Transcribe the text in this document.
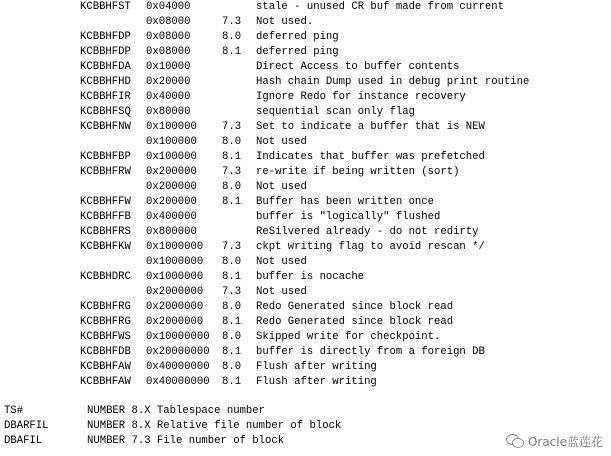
KCBBHFST 0x04000	stale - unused CR buf made from current
0x08000	7.3 Not used.
KCBBHFDP 0x08000	8.0 deferred ping
KCBBHFDP 0x08000	8.1 deferred ping
KCBBHFDA 0x10000	Direct Access to buffer contents
KCBBHFHD 0x20000	Hash chain Dump used in debug print routine
KCBBHFIR 0x40000	Ignore Redo for instance recovery
KCBBHFSQ 0x80000	sequential scan only flag
KCBBHFNW 0x100000 7.3 Set to indicate a buffer that is NEW
0x100000 8.0 Not used
KCBBHFBP 0x100000 8.1 Indicates that buffer was prefetched
KCBBHFRW 0x200000 7.3 re-write if being written (sort)
0x200000 8.0 Not used
KCBBHFFW 0x200000 8.1 Buffer has been written once
KCBBHFFB 0x400000	buffer is "logically" flushed
KCBBHFRS 0x800000	ReSilvered already - do not redirty
KCBBHFKW 0x1000000 7.3 ckpt writing flag to avoid rescan */
0x1000000 8.0 Not used
KCBBHDRC 0x1000000 8.1 buffer is nocache
0x2000000 7.3 Not used
KCBBHFRG 0x2000000 8.0 Redo Generated since block read
KCBBHFRG 0x2000000 8.1 Redo Generated since block read
KCBBHFWS 0x10000000 8.0 Skipped write for checkpoint.
KCBBHFDB 0x20000000 8.1 buffer is directly from a foreign DB
KCBBHFAW 0x40000000 8.0 Flush after writing
KCBBHFAW 0x40000000 8.1 Flush after writing
TS#	NUMBER 8.X Tablespace number
DBARFIL	NUMBER 8.X Relative file number of block
DBAFIL	NUMBER 7.3 File number of block	Oracle蓝莲花
